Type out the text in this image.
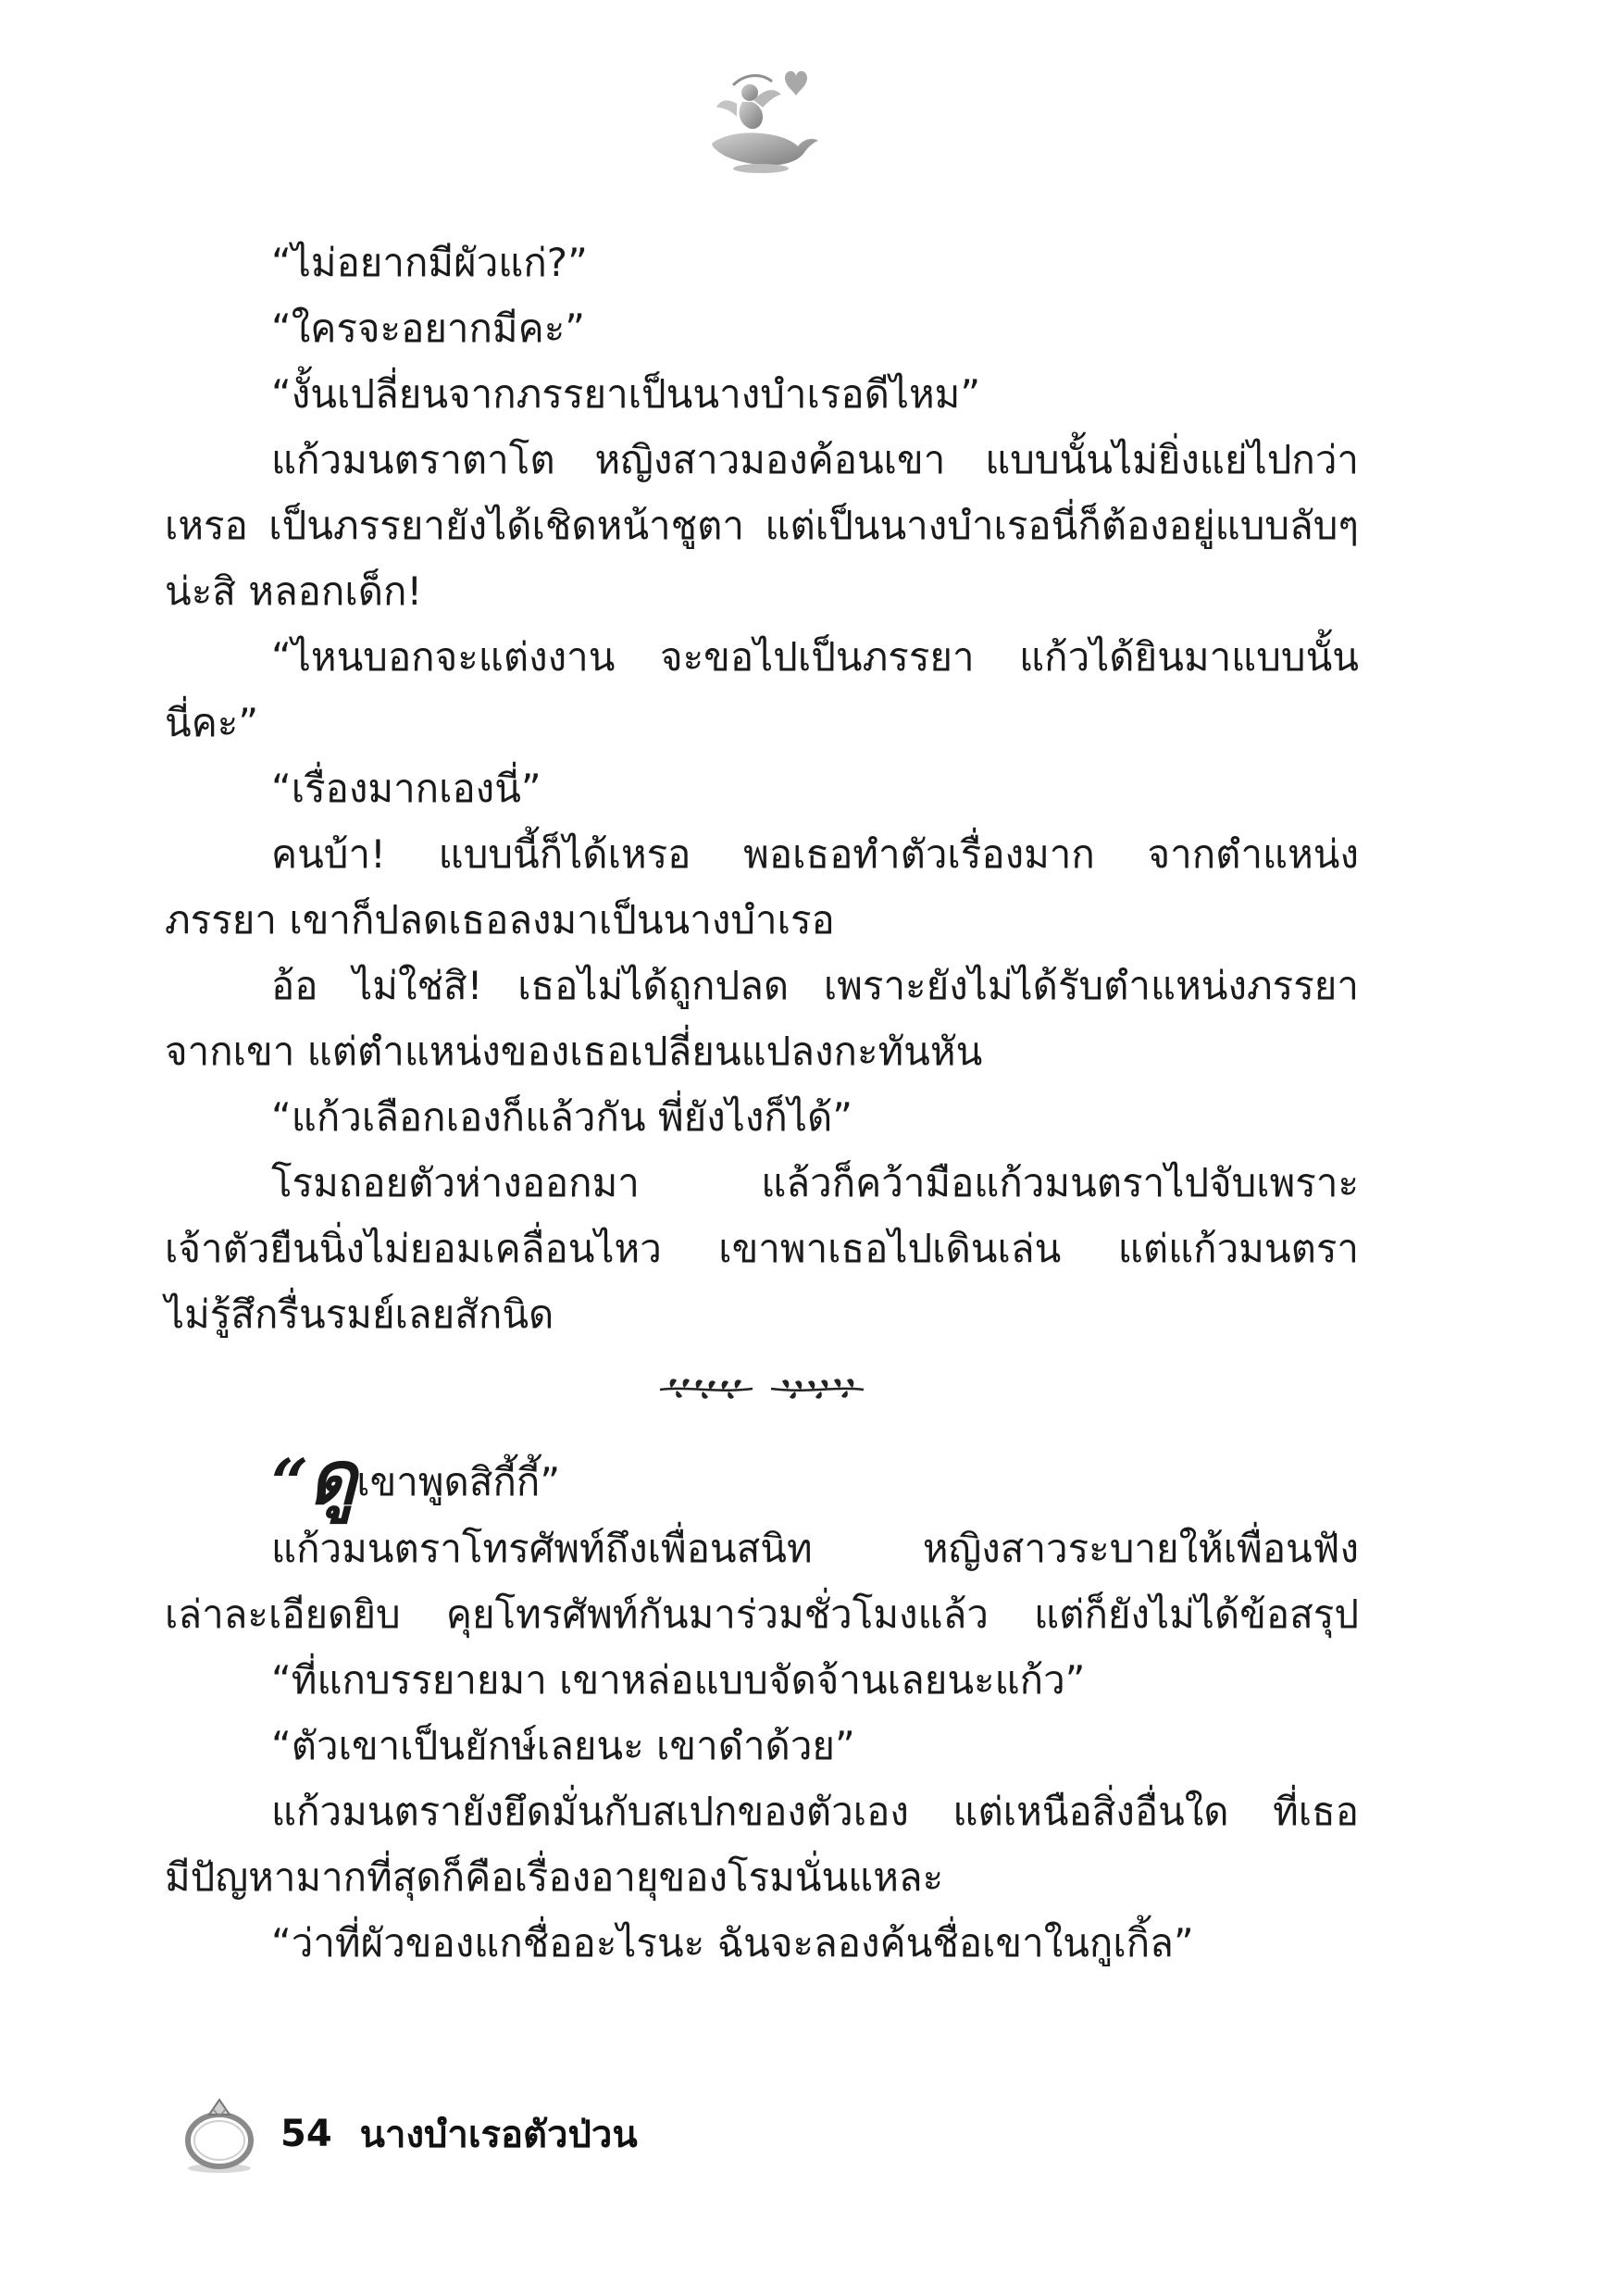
“ไม่อยากมีผัวแก่?”
“ใครจะอยากมีคะ”
“งั้นเปลี่ยนจากภรรยาเป็นนางบำเรอดีไหม”
แก้วมนตราตาโต หญิงสาวมองค้อนเขา แบบนั้นไม่ยิ่งแย่ไปกว่า
เหรอ เป็นภรรยายังได้เชิดหน้าชูตา แต่เป็นนางบำเรอนี่ก็ต้องอยู่แบบลับๆ
น่ะสิ หลอกเด็ก!
“ไหนบอกจะแต่งงาน จะขอไปเป็นภรรยา แก้วได้ยินมาแบบนั้น
นี่คะ”
“เรื่องมากเองนี่”
คนบ้า! แบบนี้ก็ได้เหรอ พอเธอทำตัวเรื่องมาก จากตำแหน่ง
ภรรยา เขาก็ปลดเธอลงมาเป็นนางบำเรอ
อ้อ ไม่ใช่สิ! เธอไม่ได้ถูกปลด เพราะยังไม่ได้รับตำแหน่งภรรยา
จากเขา แต่ตำแหน่งของเธอเปลี่ยนแปลงกะทันหัน
“แก้วเลือกเองก็แล้วกัน พี่ยังไงก็ได้”
โรมถอยตัวห่างออกมา แล้วก็คว้ามือแก้วมนตราไปจับเพราะ
เจ้าตัวยืนนิ่งไม่ยอมเคลื่อนไหว เขาพาเธอไปเดินเล่น แต่แก้วมนตรา
ไม่รู้สึกรื่นรมย์เลยสักนิด
“ ดู เขาพูดสิกี้กี้”
แก้วมนตราโทรศัพท์ถึงเพื่อนสนิท หญิงสาวระบายให้เพื่อนฟัง
เล่าละเอียดยิบ คุยโทรศัพท์กันมาร่วมชั่วโมงแล้ว แต่ก็ยังไม่ได้ข้อสรุป
“ที่แกบรรยายมา เขาหล่อแบบจัดจ้านเลยนะแก้ว”
“ตัวเขาเป็นยักษ์เลยนะ เขาดำด้วย”
แก้วมนตรายังยึดมั่นกับสเปกของตัวเอง แต่เหนือสิ่งอื่นใด ที่เธอ
มีปัญหามากที่สุดก็คือเรื่องอายุของโรมนั่นแหละ
“ว่าที่ผัวของแกชื่ออะไรนะ ฉันจะลองค้นชื่อเขาในกูเกิ้ล”
54 นางบำเรอตัวป่วน
